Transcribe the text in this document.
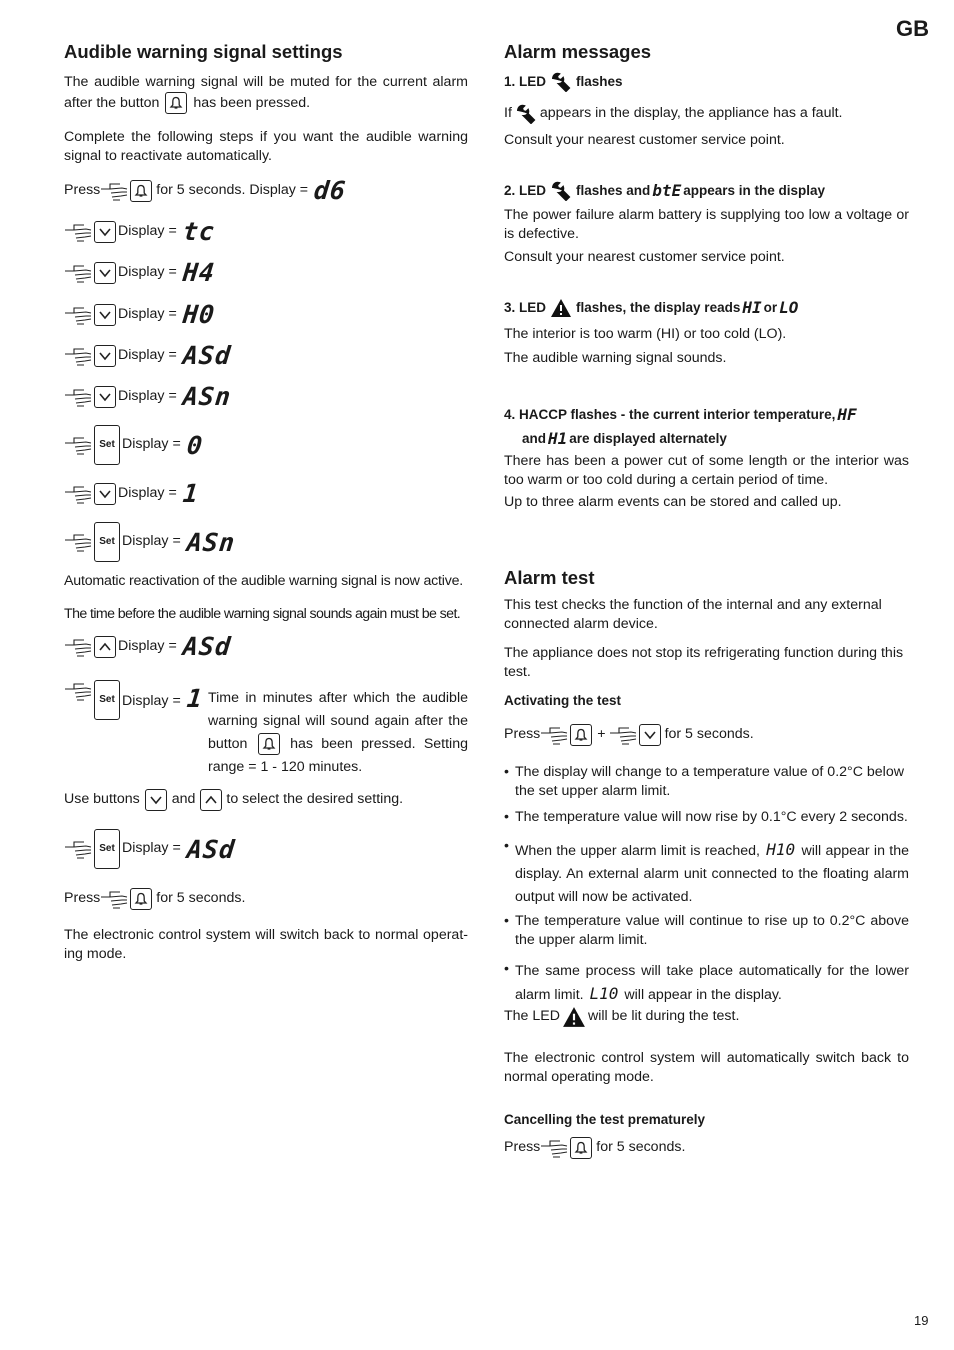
GB
19
Audible warning signal settings

The audible warning signal will be muted for the current alarm after the button has been pressed.

Complete the following steps if you want the audible warning signal to reactivate automatically.

Press	for 5 seconds. Display = d6
Display = tc
Display = H4
Display = H0
Display = ASd
Display = ASn
Set Display = 0
Display = 1
Set Display = ASn

Automatic reactivation of the audible warning signal is now active.

The time before the audible warning signal sounds again must be set.

Display = ASd
Set Display = 1 Time in minutes after which the audible warning signal will sound again after the button	has been pressed. Setting range = 1 - 120 minutes.

Use buttons and to select the desired setting.
Set Display = ASd
Press	for 5 seconds.

The electronic control system will switch back to normal operat-ing mode.

Alarm messages
1. LED flashes
If appears in the display, the appliance has a fault.

Consult your nearest customer service point.

2. LED flashes and btE appears in the display

The power failure alarm battery is supplying too low a voltage or is defective.

Consult your nearest customer service point.

3. LED flashes, the display reads HI or LO

The interior is too warm (HI) or too cold (LO).

The audible warning signal sounds.

4. HACCP flashes - the current interior temperature, HF
and H1 are displayed alternately

There has been a power cut of some length or the interior was too warm or too cold during a certain period of time.

Up to three alarm events can be stored and called up.

Alarm test

This test checks the function of the internal and any external connected alarm device.

The appliance does not stop its refrigerating function during this test.

Activating the test

Press	+	for 5 seconds.
• The display will change to a temperature value of 0.2°C below the set upper alarm limit.
• The temperature value will now rise by 0.1°C every 2 seconds.
• When the upper alarm limit is reached, H10 will appear in the display. An external alarm unit connected to the floating alarm output will now be activated.
• The temperature value will continue to rise up to 0.2°C above the upper alarm limit.
• The same process will take place automatically for the lower alarm limit. L10 will appear in the display.
The LED will be lit during the test.

The electronic control system will automatically switch back to normal operating mode.

Cancelling the test prematurely

Press	for 5 seconds.
